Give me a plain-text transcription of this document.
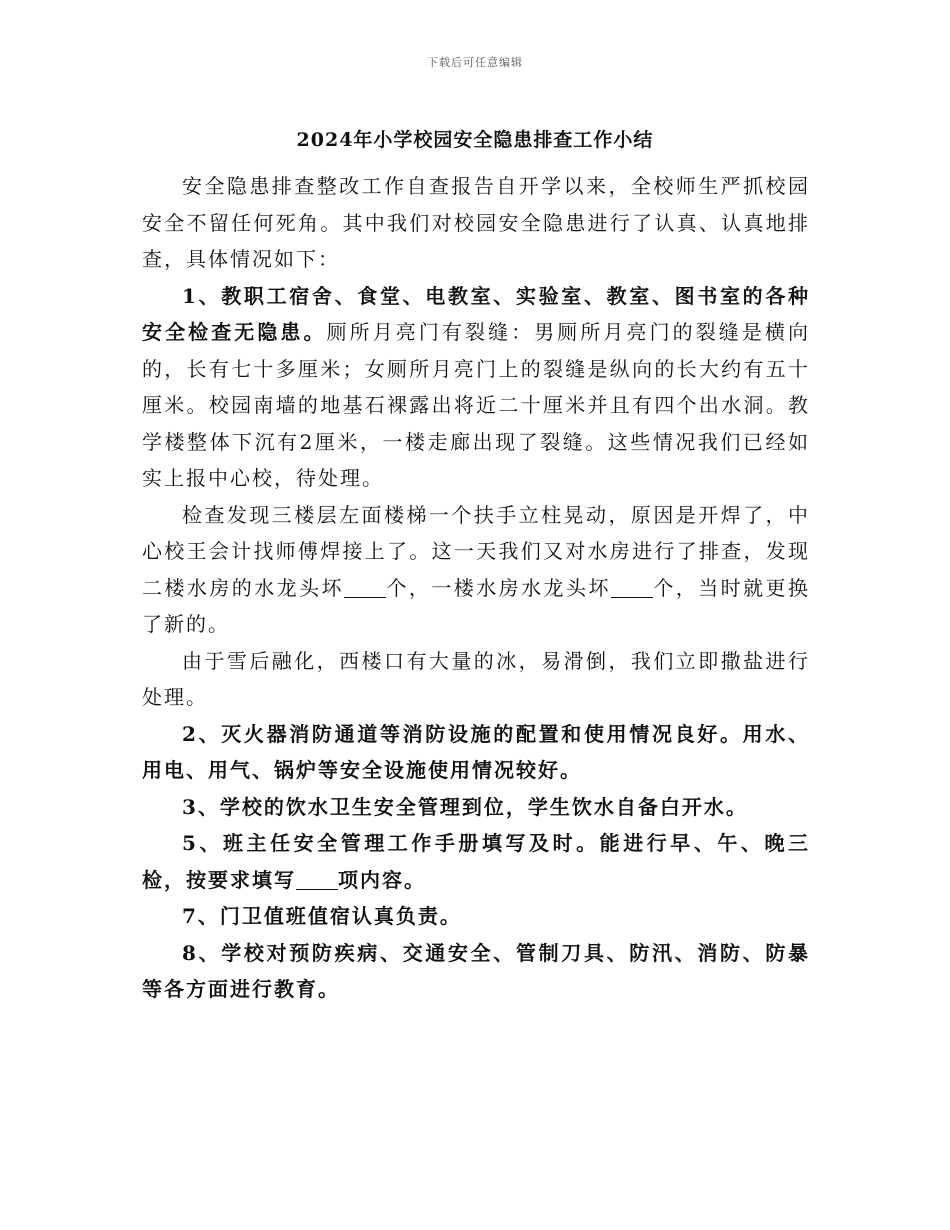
下载后可任意编辑
2024年小学校园安全隐患排查工作小结

安全隐患排查整改工作自查报告自开学以来，全校师生严抓校园安全不留任何死角。其中我们对校园安全隐患进行了认真、认真地排查，具体情况如下：

1、教职工宿舍、食堂、电教室、实验室、教室、图书室的各种安全检查无隐患。厕所月亮门有裂缝：男厕所月亮门的裂缝是横向的，长有七十多厘米；女厕所月亮门上的裂缝是纵向的长大约有五十厘米。校园南墙的地基石裸露出将近二十厘米并且有四个出水洞。教学楼整体下沉有2厘米，一楼走廊出现了裂缝。这些情况我们已经如实上报中心校，待处理。

检查发现三楼层左面楼梯一个扶手立柱晃动，原因是开焊了，中心校王会计找师傅焊接上了。这一天我们又对水房进行了排查，发现二楼水房的水龙头坏 个，一楼水房水龙头坏 个，当时就更换了新的。

由于雪后融化，西楼口有大量的冰，易滑倒，我们立即撒盐进行处理。

2、灭火器消防通道等消防设施的配置和使用情况良好。用水、用电、用气、锅炉等安全设施使用情况较好。

3、学校的饮水卫生安全管理到位，学生饮水自备白开水。

5、班主任安全管理工作手册填写及时。能进行早、午、晚三检，按要求填写 项内容。

7、门卫值班值宿认真负责。

8、学校对预防疾病、交通安全、管制刀具、防汛、消防、防暴等各方面进行教育。
